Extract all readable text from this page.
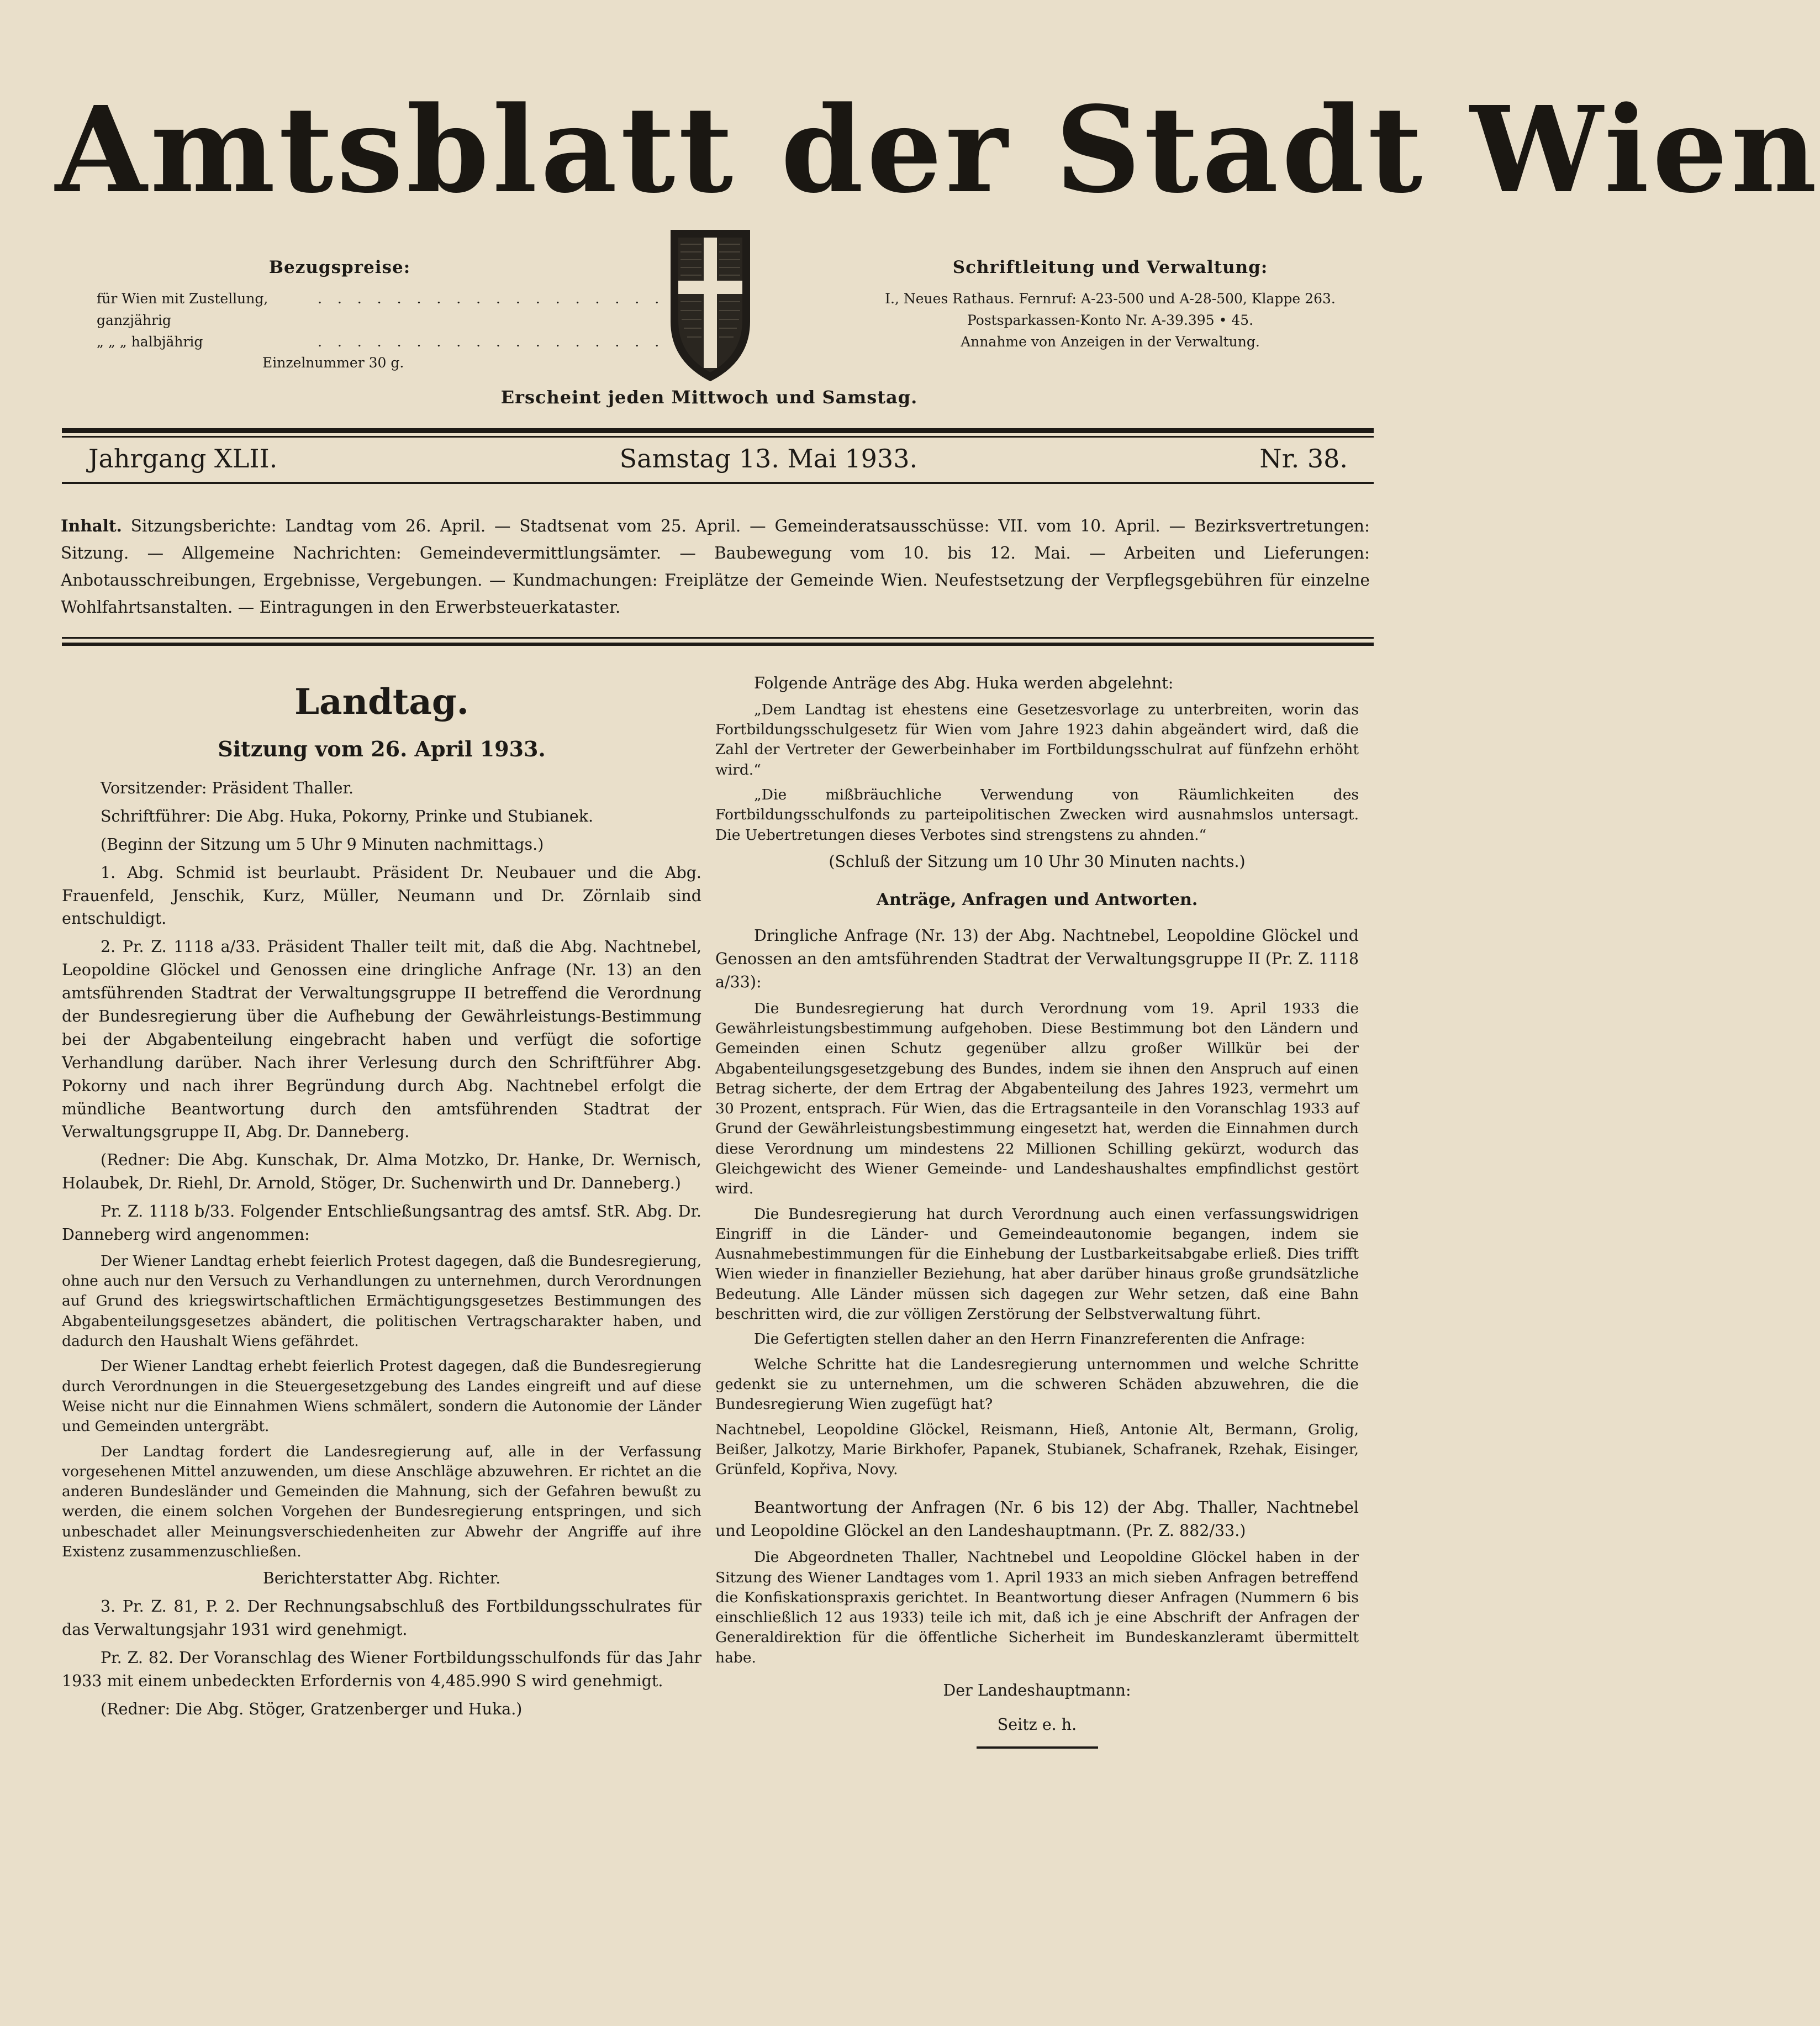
Amtsblatt der Stadt Wien
Bezugspreise:
für Wien mit Zustellung, ganzjährig
. . . . . . . . . . . . . . . . . .
„ „ „ halbjährig	. . . . . . . . . . . . . . . . . .
Einzelnummer 30 g.
Schriftleitung und Verwaltung:
I., Neues Rathaus. Fernruf: A-23-500 und A-28-500, Klappe 263.
Postsparkassen-Konto Nr. A-39.395 • 45.
Annahme von Anzeigen in der Verwaltung.
Erscheint jeden Mittwoch und Samstag.
Jahrgang XLII.	Samstag 13. Mai 1933.	Nr. 38.
Inhalt. Sitzungsberichte: Landtag vom 26. April. — Stadtsenat vom 25. April. — Gemeinderatsausschüsse: VII. vom 10. April. — Bezirksvertretungen: Sitzung. — Allgemeine Nachrichten: Gemeindevermittlungsämter. — Baubewegung vom 10. bis 12. Mai. — Arbeiten und Lieferungen: Anbotausschreibungen, Ergebnisse, Vergebungen. — Kundmachungen: Freiplätze der Gemeinde Wien. Neufestsetzung der Verpflegsgebühren für einzelne Wohlfahrtsanstalten. — Eintragungen in den Erwerbsteuerkataster.
Landtag.
Sitzung vom 26. April 1933.

Vorsitzender: Präsident Thaller.

Schriftführer: Die Abg. Huka, Pokorny, Prinke und Stubianek.

(Beginn der Sitzung um 5 Uhr 9 Minuten nachmittags.)

1. Abg. Schmid ist beurlaubt. Präsident Dr. Neubauer und die Abg. Frauenfeld, Jenschik, Kurz, Müller, Neumann und Dr. Zörnlaib sind entschuldigt.

2. Pr. Z. 1118 a/33. Präsident Thaller teilt mit, daß die Abg. Nachtnebel, Leopoldine Glöckel und Genossen eine dringliche Anfrage (Nr. 13) an den amtsführenden Stadtrat der Verwaltungsgruppe II betreffend die Verordnung der Bundesregierung über die Aufhebung der Gewährleistungs-Bestimmung bei der Abgabenteilung eingebracht haben und verfügt die sofortige Verhandlung darüber. Nach ihrer Verlesung durch den Schriftführer Abg. Pokorny und nach ihrer Begründung durch Abg. Nachtnebel erfolgt die mündliche Beantwortung durch den amtsführenden Stadtrat der Verwaltungsgruppe II, Abg. Dr. Danneberg.

(Redner: Die Abg. Kunschak, Dr. Alma Motzko, Dr. Hanke, Dr. Wernisch, Holaubek, Dr. Riehl, Dr. Arnold, Stöger, Dr. Suchenwirth und Dr. Danneberg.)

Pr. Z. 1118 b/33. Folgender Entschließungsantrag des amtsf. StR. Abg. Dr. Danneberg wird angenommen:

Der Wiener Landtag erhebt feierlich Protest dagegen, daß die Bundesregierung, ohne auch nur den Versuch zu Verhandlungen zu unternehmen, durch Verordnungen auf Grund des kriegswirtschaftlichen Ermächtigungsgesetzes Bestimmungen des Abgabenteilungsgesetzes abändert, die politischen Vertragscharakter haben, und dadurch den Haushalt Wiens gefährdet.

Der Wiener Landtag erhebt feierlich Protest dagegen, daß die Bundesregierung durch Verordnungen in die Steuergesetzgebung des Landes eingreift und auf diese Weise nicht nur die Einnahmen Wiens schmälert, sondern die Autonomie der Länder und Gemeinden untergräbt.

Der Landtag fordert die Landesregierung auf, alle in der Verfassung vorgesehenen Mittel anzuwenden, um diese Anschläge abzuwehren. Er richtet an die anderen Bundesländer und Gemeinden die Mahnung, sich der Gefahren bewußt zu werden, die einem solchen Vorgehen der Bundesregierung entspringen, und sich unbeschadet aller Meinungsverschiedenheiten zur Abwehr der Angriffe auf ihre Existenz zusammenzuschließen.

Berichterstatter Abg. Richter.

3. Pr. Z. 81, P. 2. Der Rechnungsabschluß des Fortbildungsschulrates für das Verwaltungsjahr 1931 wird genehmigt.

Pr. Z. 82. Der Voranschlag des Wiener Fortbildungsschulfonds für das Jahr 1933 mit einem unbedeckten Erfordernis von 4,485.990 S wird genehmigt.

(Redner: Die Abg. Stöger, Gratzenberger und Huka.)

Folgende Anträge des Abg. Huka werden abgelehnt:

„Dem Landtag ist ehestens eine Gesetzesvorlage zu unterbreiten, worin das Fortbildungsschulgesetz für Wien vom Jahre 1923 dahin abgeändert wird, daß die Zahl der Vertreter der Gewerbeinhaber im Fortbildungsschulrat auf fünfzehn erhöht wird.“

„Die mißbräuchliche Verwendung von Räumlichkeiten des Fortbildungsschulfonds zu parteipolitischen Zwecken wird ausnahmslos untersagt. Die Uebertretungen dieses Verbotes sind strengstens zu ahnden.“

(Schluß der Sitzung um 10 Uhr 30 Minuten nachts.)

Anträge, Anfragen und Antworten.

Dringliche Anfrage (Nr. 13) der Abg. Nachtnebel, Leopoldine Glöckel und Genossen an den amtsführenden Stadtrat der Verwaltungsgruppe II (Pr. Z. 1118 a/33):

Die Bundesregierung hat durch Verordnung vom 19. April 1933 die Gewährleistungsbestimmung aufgehoben. Diese Bestimmung bot den Ländern und Gemeinden einen Schutz gegenüber allzu großer Willkür bei der Abgabenteilungsgesetzgebung des Bundes, indem sie ihnen den Anspruch auf einen Betrag sicherte, der dem Ertrag der Abgabenteilung des Jahres 1923, vermehrt um 30 Prozent, entsprach. Für Wien, das die Ertragsanteile in den Voranschlag 1933 auf Grund der Gewährleistungsbestimmung eingesetzt hat, werden die Einnahmen durch diese Verordnung um mindestens 22 Millionen Schilling gekürzt, wodurch das Gleichgewicht des Wiener Gemeinde- und Landeshaushaltes empfindlichst gestört wird.

Die Bundesregierung hat durch Verordnung auch einen verfassungswidrigen Eingriff in die Länder- und Gemeindeautonomie begangen, indem sie Ausnahmebestimmungen für die Einhebung der Lustbarkeitsabgabe erließ. Dies trifft Wien wieder in finanzieller Beziehung, hat aber darüber hinaus große grundsätzliche Bedeutung. Alle Länder müssen sich dagegen zur Wehr setzen, daß eine Bahn beschritten wird, die zur völligen Zerstörung der Selbstverwaltung führt.

Die Gefertigten stellen daher an den Herrn Finanzreferenten die Anfrage:

Welche Schritte hat die Landesregierung unternommen und welche Schritte gedenkt sie zu unternehmen, um die schweren Schäden abzuwehren, die die Bundesregierung Wien zugefügt hat?

Nachtnebel, Leopoldine Glöckel, Reismann, Hieß, Antonie Alt, Bermann, Grolig, Beißer, Jalkotzy, Marie Birkhofer, Papanek, Stubianek, Schafranek, Rzehak, Eisinger, Grünfeld, Kopřiva, Novy.

Beantwortung der Anfragen (Nr. 6 bis 12) der Abg. Thaller, Nachtnebel und Leopoldine Glöckel an den Landeshauptmann. (Pr. Z. 882/33.)

Die Abgeordneten Thaller, Nachtnebel und Leopoldine Glöckel haben in der Sitzung des Wiener Landtages vom 1. April 1933 an mich sieben Anfragen betreffend die Konfiskationspraxis gerichtet. In Beantwortung dieser Anfragen (Nummern 6 bis einschließlich 12 aus 1933) teile ich mit, daß ich je eine Abschrift der Anfragen der Generaldirektion für die öffentliche Sicherheit im Bundeskanzleramt übermittelt habe.

Der Landeshauptmann:
Seitz e. h.
